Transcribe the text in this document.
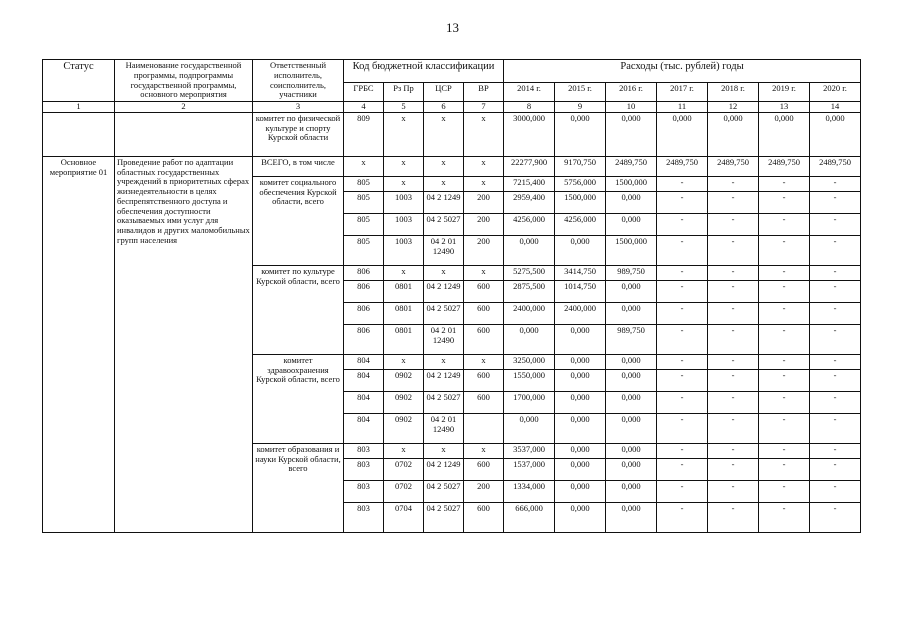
13
Статус	Наименование государственной программы, подпрограммы государственной программы, основного мероприятия	Ответственный исполнитель, соисполнитель, участники	Код бюджетной классификации				Расходы (тыс. рублей) годы						
			ГРБС	Рз Пр	ЦСР	ВР	2014 г.	2015 г.	2016 г.	2017 г.	2018 г.	2019 г.	2020 г.
1	2	3	4	5	6	7	8	9	10	11	12	13	14
		комитет по физической культуре и спорту Курской области	809	х	х	х	3000,000	0,000	0,000	0,000	0,000	0,000	0,000
Основное мероприятие 01	Проведение работ по адаптации областных государственных учреждений в приоритетных сферах жизнедеятельности в целях беспрепятственного доступа и обеспечения доступности оказываемых ими услуг для инвалидов и других маломобильных групп населения	ВСЕГО, в том числе	х	х	х	х	22277,900	9170,750	2489,750	2489,750	2489,750	2489,750	2489,750
		комитет социального обеспечения Курской области, всего	805	х	х	х	7215,400	5756,000	1500,000	-	-	-	-
			805	1003	04 2 1249	200	2959,400	1500,000	0,000	-	-	-	-
			805	1003	04 2 5027	200	4256,000	4256,000	0,000	-	-	-	-
			805	1003	04 2 01 12490	200	0,000	0,000	1500,000	-	-	-	-
		комитет по культуре Курской области, всего	806	х	х	х	5275,500	3414,750	989,750	-	-	-	-
			806	0801	04 2 1249	600	2875,500	1014,750	0,000	-	-	-	-
			806	0801	04 2 5027	600	2400,000	2400,000	0,000	-	-	-	-
			806	0801	04 2 01 12490	600	0,000	0,000	989,750	-	-	-	-
		комитет здравоохранения Курской области, всего	804	х	х	х	3250,000	0,000	0,000	-	-	-	-
			804	0902	04 2 1249	600	1550,000	0,000	0,000	-	-	-	-
			804	0902	04 2 5027	600	1700,000	0,000	0,000	-	-	-	-
			804	0902	04 2 01 12490		0,000	0,000	0,000	-	-	-	-
		комитет образования и науки Курской области, всего	803	х	х	х	3537,000	0,000	0,000	-	-	-	-
			803	0702	04 2 1249	600	1537,000	0,000	0,000	-	-	-	-
			803	0702	04 2 5027	200	1334,000	0,000	0,000	-	-	-	-
			803	0704	04 2 5027	600	666,000	0,000	0,000	-	-	-	-
